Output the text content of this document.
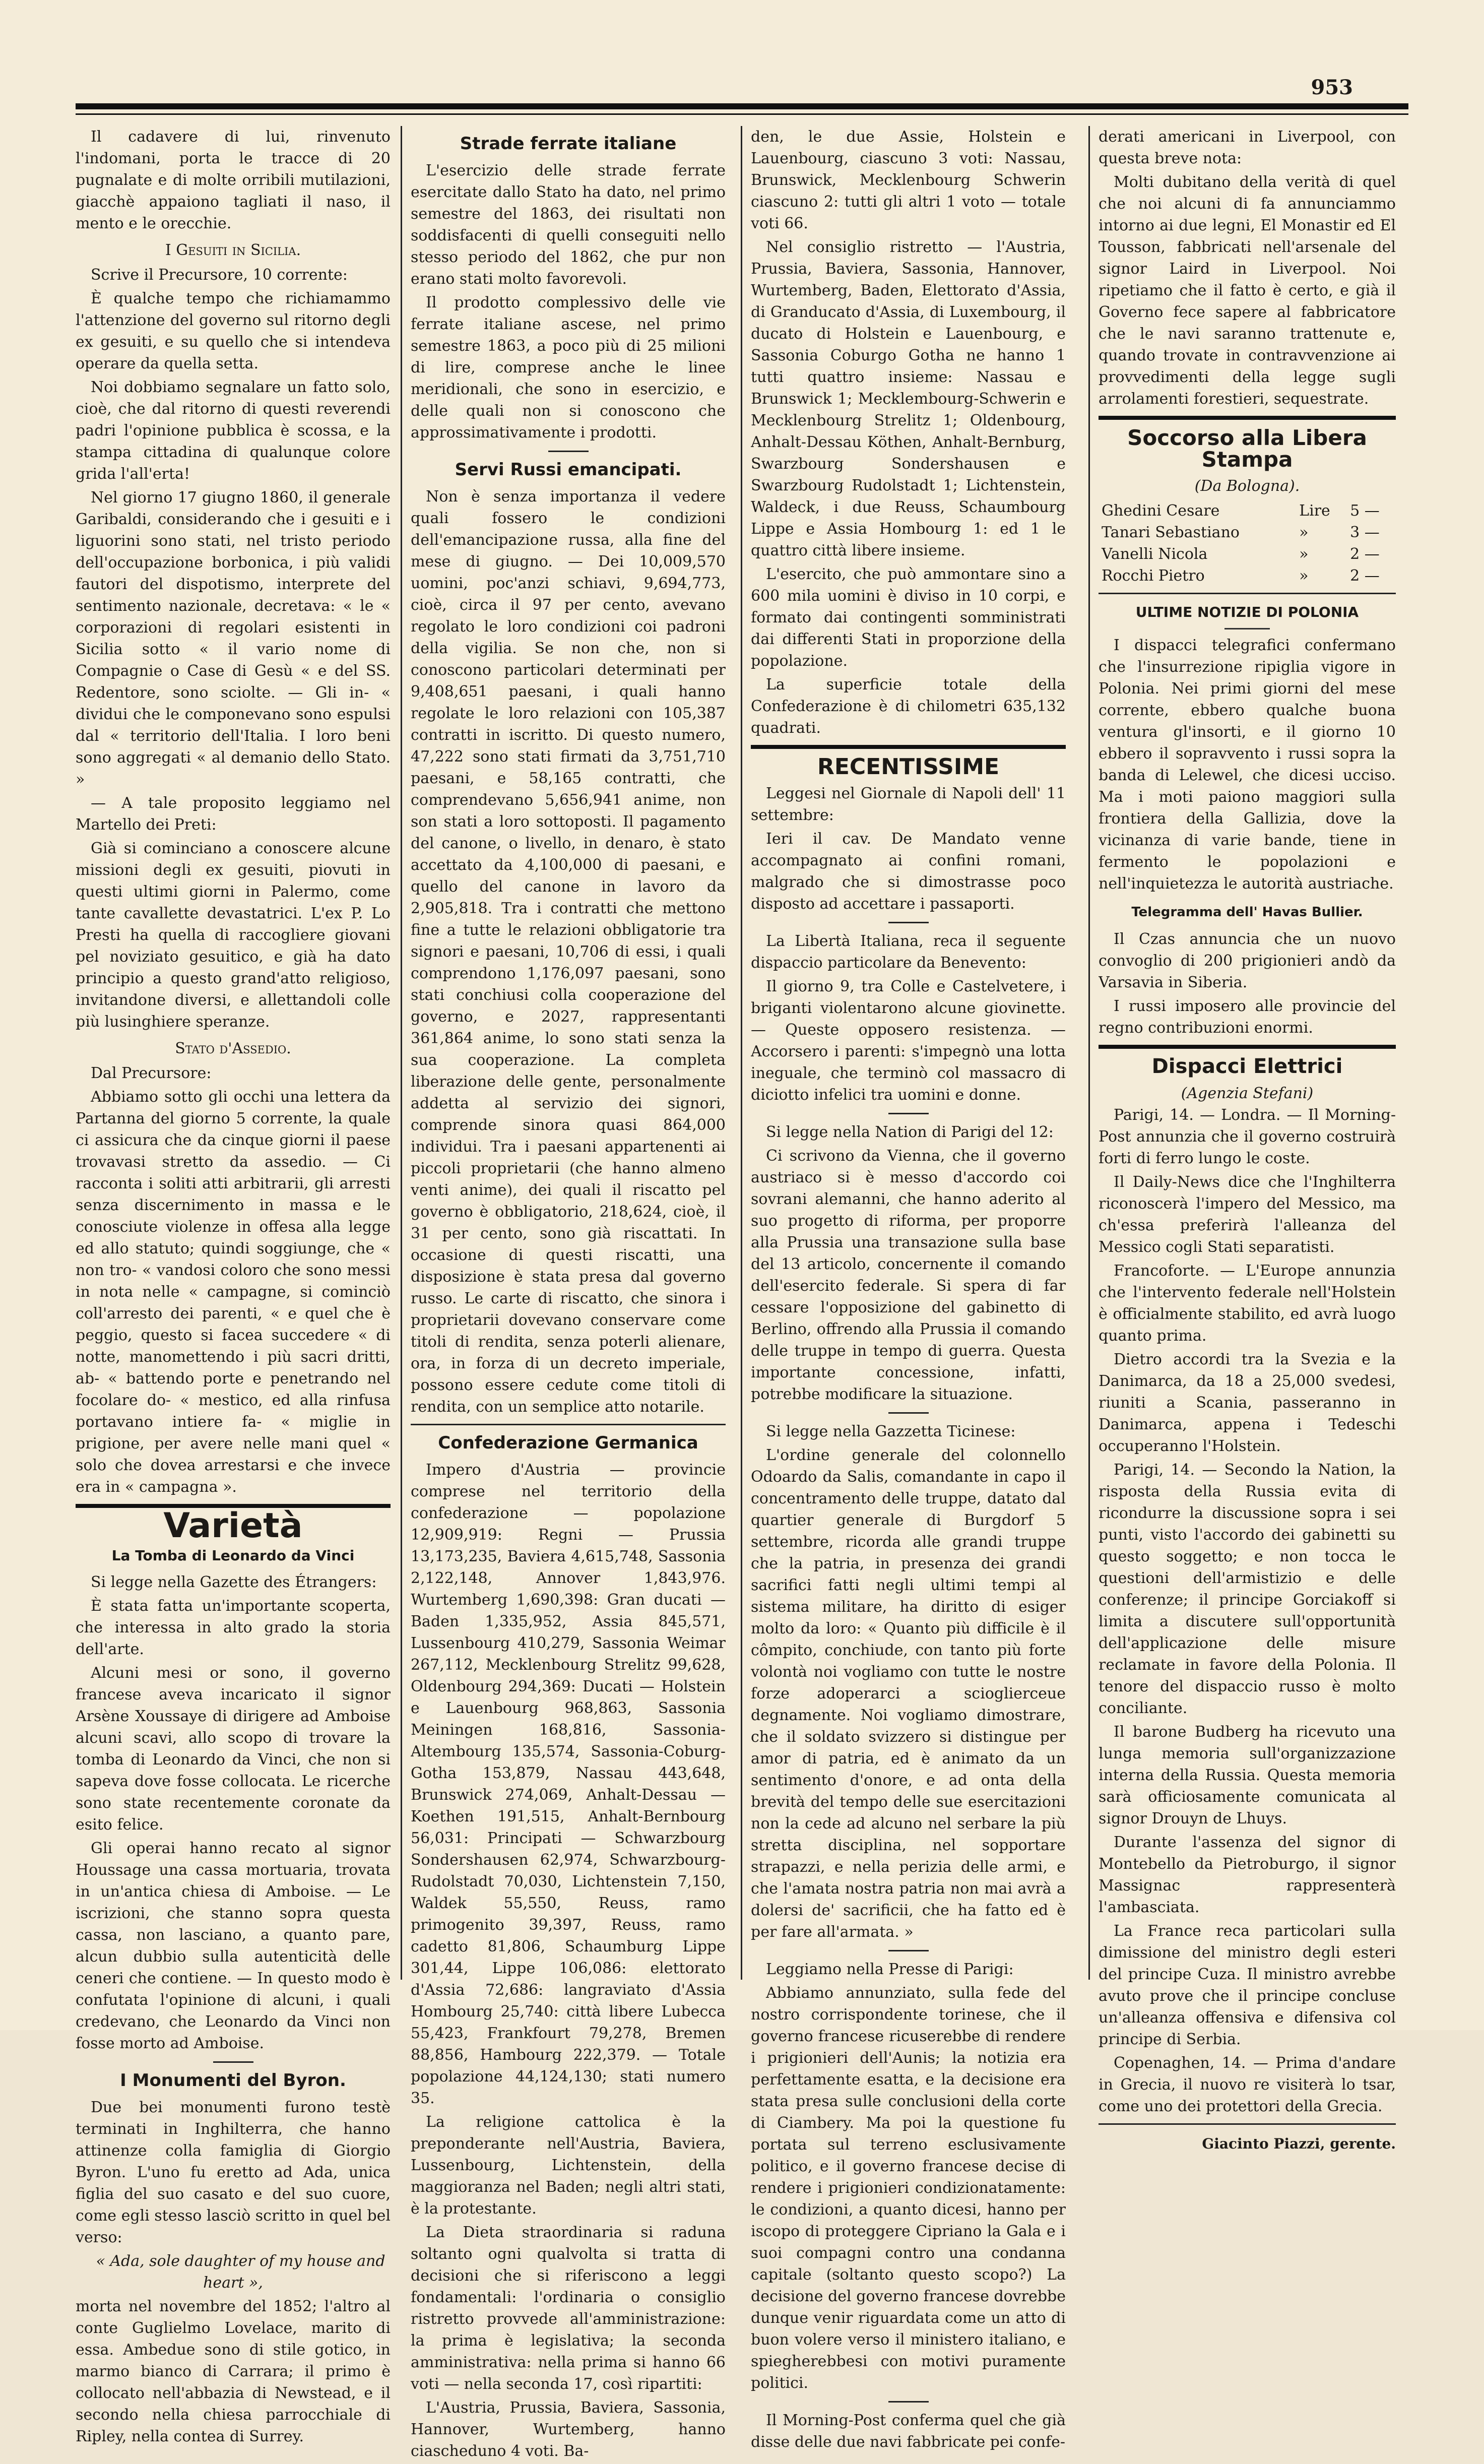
953

Il cadavere di lui, rinvenuto l'indomani, porta le tracce di 20 pugnalate e di molte orribili mutilazioni, giacchè appaiono tagliati il naso, il mento e le orecchie.

I Gesuiti in Sicilia.

Scrive il Precursore, 10 corrente:

È qualche tempo che richiamammo l'attenzione del governo sul ritorno degli ex gesuiti, e su quello che si intendeva operare da quella setta.

Noi dobbiamo segnalare un fatto solo, cioè, che dal ritorno di questi reverendi padri l'opinione pubblica è scossa, e la stampa cittadina di qualunque colore grida l'all'erta!

Nel giorno 17 giugno 1860, il generale Garibaldi, considerando che i gesuiti e i liguorini sono stati, nel tristo periodo dell'occupazione borbonica, i più validi fautori del dispotismo, interprete del sentimento nazionale, decretava: « le « corporazioni di regolari esistenti in Sicilia sotto « il vario nome di Compagnie o Case di Gesù « e del SS. Redentore, sono sciolte. — Gli in- « dividui che le componevano sono espulsi dal « territorio dell'Italia. I loro beni sono aggregati « al demanio dello Stato. »

— A tale proposito leggiamo nel Martello dei Preti:

Già si cominciano a conoscere alcune missioni degli ex gesuiti, piovuti in questi ultimi giorni in Palermo, come tante cavallette devastatrici. L'ex P. Lo Presti ha quella di raccogliere giovani pel noviziato gesuitico, e già ha dato principio a questo grand'atto religioso, invitandone diversi, e allettandoli colle più lusinghiere speranze.

Stato d'Assedio.

Dal Precursore:

Abbiamo sotto gli occhi una lettera da Partanna del giorno 5 corrente, la quale ci assicura che da cinque giorni il paese trovavasi stretto da assedio. — Ci racconta i soliti atti arbitrarii, gli arresti senza discernimento in massa e le conosciute violenze in offesa alla legge ed allo statuto; quindi soggiunge, che « non tro- « vandosi coloro che sono messi in nota nelle « campagne, si cominciò coll'arresto dei parenti, « e quel che è peggio, questo si facea succedere « di notte, manomettendo i più sacri dritti, ab- « battendo porte e penetrando nel focolare do- « mestico, ed alla rinfusa portavano intiere fa- « miglie in prigione, per avere nelle mani quel « solo che dovea arrestarsi e che invece era in « campagna ».

Varietà
La Tomba di Leonardo da Vinci

Si legge nella Gazette des Étrangers:

È stata fatta un'importante scoperta, che interessa in alto grado la storia dell'arte.

Alcuni mesi or sono, il governo francese aveva incaricato il signor Arsène Xoussaye di dirigere ad Amboise alcuni scavi, allo scopo di trovare la tomba di Leonardo da Vinci, che non si sapeva dove fosse collocata. Le ricerche sono state recentemente coronate da esito felice.

Gli operai hanno recato al signor Houssage una cassa mortuaria, trovata in un'antica chiesa di Amboise. — Le iscrizioni, che stanno sopra questa cassa, non lasciano, a quanto pare, alcun dubbio sulla autenticità delle ceneri che contiene. — In questo modo è confutata l'opinione di alcuni, i quali credevano, che Leonardo da Vinci non fosse morto ad Amboise.

I Monumenti del Byron.

Due bei monumenti furono testè terminati in Inghilterra, che hanno attinenze colla famiglia di Giorgio Byron. L'uno fu eretto ad Ada, unica figlia del suo casato e del suo cuore, come egli stesso lasciò scritto in quel bel verso:

« Ada, sole daughter of my house and heart »,

morta nel novembre del 1852; l'altro al conte Guglielmo Lovelace, marito di essa. Ambedue sono di stile gotico, in marmo bianco di Carrara; il primo è collocato nell'abbazia di Newstead, e il secondo nella chiesa parrocchiale di Ripley, nella contea di Surrey.

Strade ferrate italiane

L'esercizio delle strade ferrate esercitate dallo Stato ha dato, nel primo semestre del 1863, dei risultati non soddisfacenti di quelli conseguiti nello stesso periodo del 1862, che pur non erano stati molto favorevoli.

Il prodotto complessivo delle vie ferrate italiane ascese, nel primo semestre 1863, a poco più di 25 milioni di lire, comprese anche le linee meridionali, che sono in esercizio, e delle quali non si conoscono che approssimativamente i prodotti.

Servi Russi emancipati.

Non è senza importanza il vedere quali fossero le condizioni dell'emancipazione russa, alla fine del mese di giugno. — Dei 10,009,570 uomini, poc'anzi schiavi, 9,694,773, cioè, circa il 97 per cento, avevano regolato le loro condizioni coi padroni della vigilia. Se non che, non si conoscono particolari determinati per 9,408,651 paesani, i quali hanno regolate le loro relazioni con 105,387 contratti in iscritto. Di questo numero, 47,222 sono stati firmati da 3,751,710 paesani, e 58,165 contratti, che comprendevano 5,656,941 anime, non son stati a loro sottoposti. Il pagamento del canone, o livello, in denaro, è stato accettato da 4,100,000 di paesani, e quello del canone in lavoro da 2,905,818. Tra i contratti che mettono fine a tutte le relazioni obbligatorie tra signori e paesani, 10,706 di essi, i quali comprendono 1,176,097 paesani, sono stati conchiusi colla cooperazione del governo, e 2027, rappresentanti 361,864 anime, lo sono stati senza la sua cooperazione. La completa liberazione delle gente, personalmente addetta al servizio dei signori, comprende sinora quasi 864,000 individui. Tra i paesani appartenenti ai piccoli proprietarii (che hanno almeno venti anime), dei quali il riscatto pel governo è obbligatorio, 218,624, cioè, il 31 per cento, sono già riscattati. In occasione di questi riscatti, una disposizione è stata presa dal governo russo. Le carte di riscatto, che sinora i proprietarii dovevano conservare come titoli di rendita, senza poterli alienare, ora, in forza di un decreto imperiale, possono essere cedute come titoli di rendita, con un semplice atto notarile.

Confederazione Germanica

Impero d'Austria — provincie comprese nel territorio della confederazione — popolazione 12,909,919: Regni — Prussia 13,173,235, Baviera 4,615,748, Sassonia 2,122,148, Annover 1,843,976. Wurtemberg 1,690,398: Gran ducati — Baden 1,335,952, Assia 845,571, Lussenbourg 410,279, Sassonia Weimar 267,112, Mecklenbourg Strelitz 99,628, Oldenbourg 294,369: Ducati — Holstein e Lauenbourg 968,863, Sassonia Meiningen 168,816, Sassonia-Altembourg 135,574, Sassonia-Coburg-Gotha 153,879, Nassau 443,648, Brunswick 274,069, Anhalt-Dessau — Koethen 191,515, Anhalt-Bernbourg 56,031: Principati — Schwarzbourg Sondershausen 62,974, Schwarzbourg-Rudolstadt 70,030, Lichtenstein 7,150, Waldek 55,550, Reuss, ramo primogenito 39,397, Reuss, ramo cadetto 81,806, Schaumburg Lippe 301,44, Lippe 106,086: elettorato d'Assia 72,686: langraviato d'Assia Hombourg 25,740: città libere Lubecca 55,423, Frankfourt 79,278, Bremen 88,856, Hambourg 222,379. — Totale popolazione 44,124,130; stati numero 35.

La religione cattolica è la preponderante nell'Austria, Baviera, Lussenbourg, Lichtenstein, della maggioranza nel Baden; negli altri stati, è la protestante.

La Dieta straordinaria si raduna soltanto ogni qualvolta si tratta di decisioni che si riferiscono a leggi fondamentali: l'ordinaria o consiglio ristretto provvede all'amministrazione: la prima è legislativa; la seconda amministrativa: nella prima si hanno 66 voti — nella seconda 17, così ripartiti:

L'Austria, Prussia, Baviera, Sassonia, Hannover, Wurtemberg, hanno ciascheduno 4 voti. Ba-

den, le due Assie, Holstein e Lauenbourg, ciascuno 3 voti: Nassau, Brunswick, Mecklenbourg Schwerin ciascuno 2: tutti gli altri 1 voto — totale voti 66.

Nel consiglio ristretto — l'Austria, Prussia, Baviera, Sassonia, Hannover, Wurtemberg, Baden, Elettorato d'Assia, di Granducato d'Assia, di Luxembourg, il ducato di Holstein e Lauenbourg, e Sassonia Coburgo Gotha ne hanno 1 tutti quattro insieme: Nassau e Brunswick 1; Mecklembourg-Schwerin e Mecklenbourg Strelitz 1; Oldenbourg, Anhalt-Dessau Köthen, Anhalt-Bernburg, Swarzbourg Sondershausen e Swarzbourg Rudolstadt 1; Lichtenstein, Waldeck, i due Reuss, Schaumbourg Lippe e Assia Hombourg 1: ed 1 le quattro città libere insieme.

L'esercito, che può ammontare sino a 600 mila uomini è diviso in 10 corpi, e formato dai contingenti somministrati dai differenti Stati in proporzione della popolazione.

La superficie totale della Confederazione è di chilometri 635,132 quadrati.

RECENTISSIME

Leggesi nel Giornale di Napoli dell' 11 settembre:

Ieri il cav. De Mandato venne accompagnato ai confini romani, malgrado che si dimostrasse poco disposto ad accettare i passaporti.

La Libertà Italiana, reca il seguente dispaccio particolare da Benevento:

Il giorno 9, tra Colle e Castelvetere, i briganti violentarono alcune giovinette. — Queste opposero resistenza. — Accorsero i parenti: s'impegnò una lotta ineguale, che terminò col massacro di diciotto infelici tra uomini e donne.

Si legge nella Nation di Parigi del 12:

Ci scrivono da Vienna, che il governo austriaco si è messo d'accordo coi sovrani alemanni, che hanno aderito al suo progetto di riforma, per proporre alla Prussia una transazione sulla base del 13 articolo, concernente il comando dell'esercito federale. Si spera di far cessare l'opposizione del gabinetto di Berlino, offrendo alla Prussia il comando delle truppe in tempo di guerra. Questa importante concessione, infatti, potrebbe modificare la situazione.

Si legge nella Gazzetta Ticinese:

L'ordine generale del colonnello Odoardo da Salis, comandante in capo il concentramento delle truppe, datato dal quartier generale di Burgdorf 5 settembre, ricorda alle grandi truppe che la patria, in presenza dei grandi sacrifici fatti negli ultimi tempi al sistema militare, ha diritto di esiger molto da loro: « Quanto più difficile è il cômpito, conchiude, con tanto più forte volontà noi vogliamo con tutte le nostre forze adoperarci a scioglierceue degnamente. Noi vogliamo dimostrare, che il soldato svizzero si distingue per amor di patria, ed è animato da un sentimento d'onore, e ad onta della brevità del tempo delle sue esercitazioni non la cede ad alcuno nel serbare la più stretta disciplina, nel sopportare strapazzi, e nella perizia delle armi, e che l'amata nostra patria non mai avrà a dolersi de' sacrificii, che ha fatto ed è per fare all'armata. »

Leggiamo nella Presse di Parigi:

Abbiamo annunziato, sulla fede del nostro corrispondente torinese, che il governo francese ricuserebbe di rendere i prigionieri dell'Aunis; la notizia era perfettamente esatta, e la decisione era stata presa sulle conclusioni della corte di Ciambery. Ma poi la questione fu portata sul terreno esclusivamente politico, e il governo francese decise di rendere i prigionieri condizionatamente: le condizioni, a quanto dicesi, hanno per iscopo di proteggere Cipriano la Gala e i suoi compagni contro una condanna capitale (soltanto questo scopo?) La decisione del governo francese dovrebbe dunque venir riguardata come un atto di buon volere verso il ministero italiano, e spiegherebbesi con motivi puramente politici.

Il Morning-Post conferma quel che già disse delle due navi fabbricate pei confe-

derati americani in Liverpool, con questa breve nota:

Molti dubitano della verità di quel che noi alcuni di fa annunciammo intorno ai due legni, El Monastir ed El Tousson, fabbricati nell'arsenale del signor Laird in Liverpool. Noi ripetiamo che il fatto è certo, e già il Governo fece sapere al fabbricatore che le navi saranno trattenute e, quando trovate in contravvenzione ai provvedimenti della legge sugli arrolamenti forestieri, sequestrate.

Soccorso alla Libera Stampa
(Da Bologna).
Ghedini Cesare	Lire	5 —
Tanari Sebastiano	»	3 —
Vanelli Nicola	»	2 —
Rocchi Pietro	»	2 —
ULTIME NOTIZIE DI POLONIA

I dispacci telegrafici confermano che l'insurrezione ripiglia vigore in Polonia. Nei primi giorni del mese corrente, ebbero qualche buona ventura gl'insorti, e il giorno 10 ebbero il sopravvento i russi sopra la banda di Lelewel, che dicesi ucciso. Ma i moti paiono maggiori sulla frontiera della Gallizia, dove la vicinanza di varie bande, tiene in fermento le popolazioni e nell'inquietezza le autorità austriache.

Telegramma dell' Havas Bullier.

Il Czas annuncia che un nuovo convoglio di 200 prigionieri andò da Varsavia in Siberia.

I russi imposero alle provincie del regno contribuzioni enormi.

Dispacci Elettrici
(Agenzia Stefani)

Parigi, 14. — Londra. — Il Morning-Post annunzia che il governo costruirà forti di ferro lungo le coste.

Il Daily-News dice che l'Inghilterra riconoscerà l'impero del Messico, ma ch'essa preferirà l'alleanza del Messico cogli Stati separatisti.

Francoforte. — L'Europe annunzia che l'intervento federale nell'Holstein è officialmente stabilito, ed avrà luogo quanto prima.

Dietro accordi tra la Svezia e la Danimarca, da 18 a 25,000 svedesi, riuniti a Scania, passeranno in Danimarca, appena i Tedeschi occuperanno l'Holstein.

Parigi, 14. — Secondo la Nation, la risposta della Russia evita di ricondurre la discussione sopra i sei punti, visto l'accordo dei gabinetti su questo soggetto; e non tocca le questioni dell'armistizio e delle conferenze; il principe Gorciakoff si limita a discutere sull'opportunità dell'applicazione delle misure reclamate in favore della Polonia. Il tenore del dispaccio russo è molto conciliante.

Il barone Budberg ha ricevuto una lunga memoria sull'organizzazione interna della Russia. Questa memoria sarà officiosamente comunicata al signor Drouyn de Lhuys.

Durante l'assenza del signor di Montebello da Pietroburgo, il signor Massignac rappresenterà l'ambasciata.

La France reca particolari sulla dimissione del ministro degli esteri del principe Cuza. Il ministro avrebbe avuto prove che il principe concluse un'alleanza offensiva e difensiva col principe di Serbia.

Copenaghen, 14. — Prima d'andare in Grecia, il nuovo re visiterà lo tsar, come uno dei protettori della Grecia.

Giacinto Piazzi, gerente.
